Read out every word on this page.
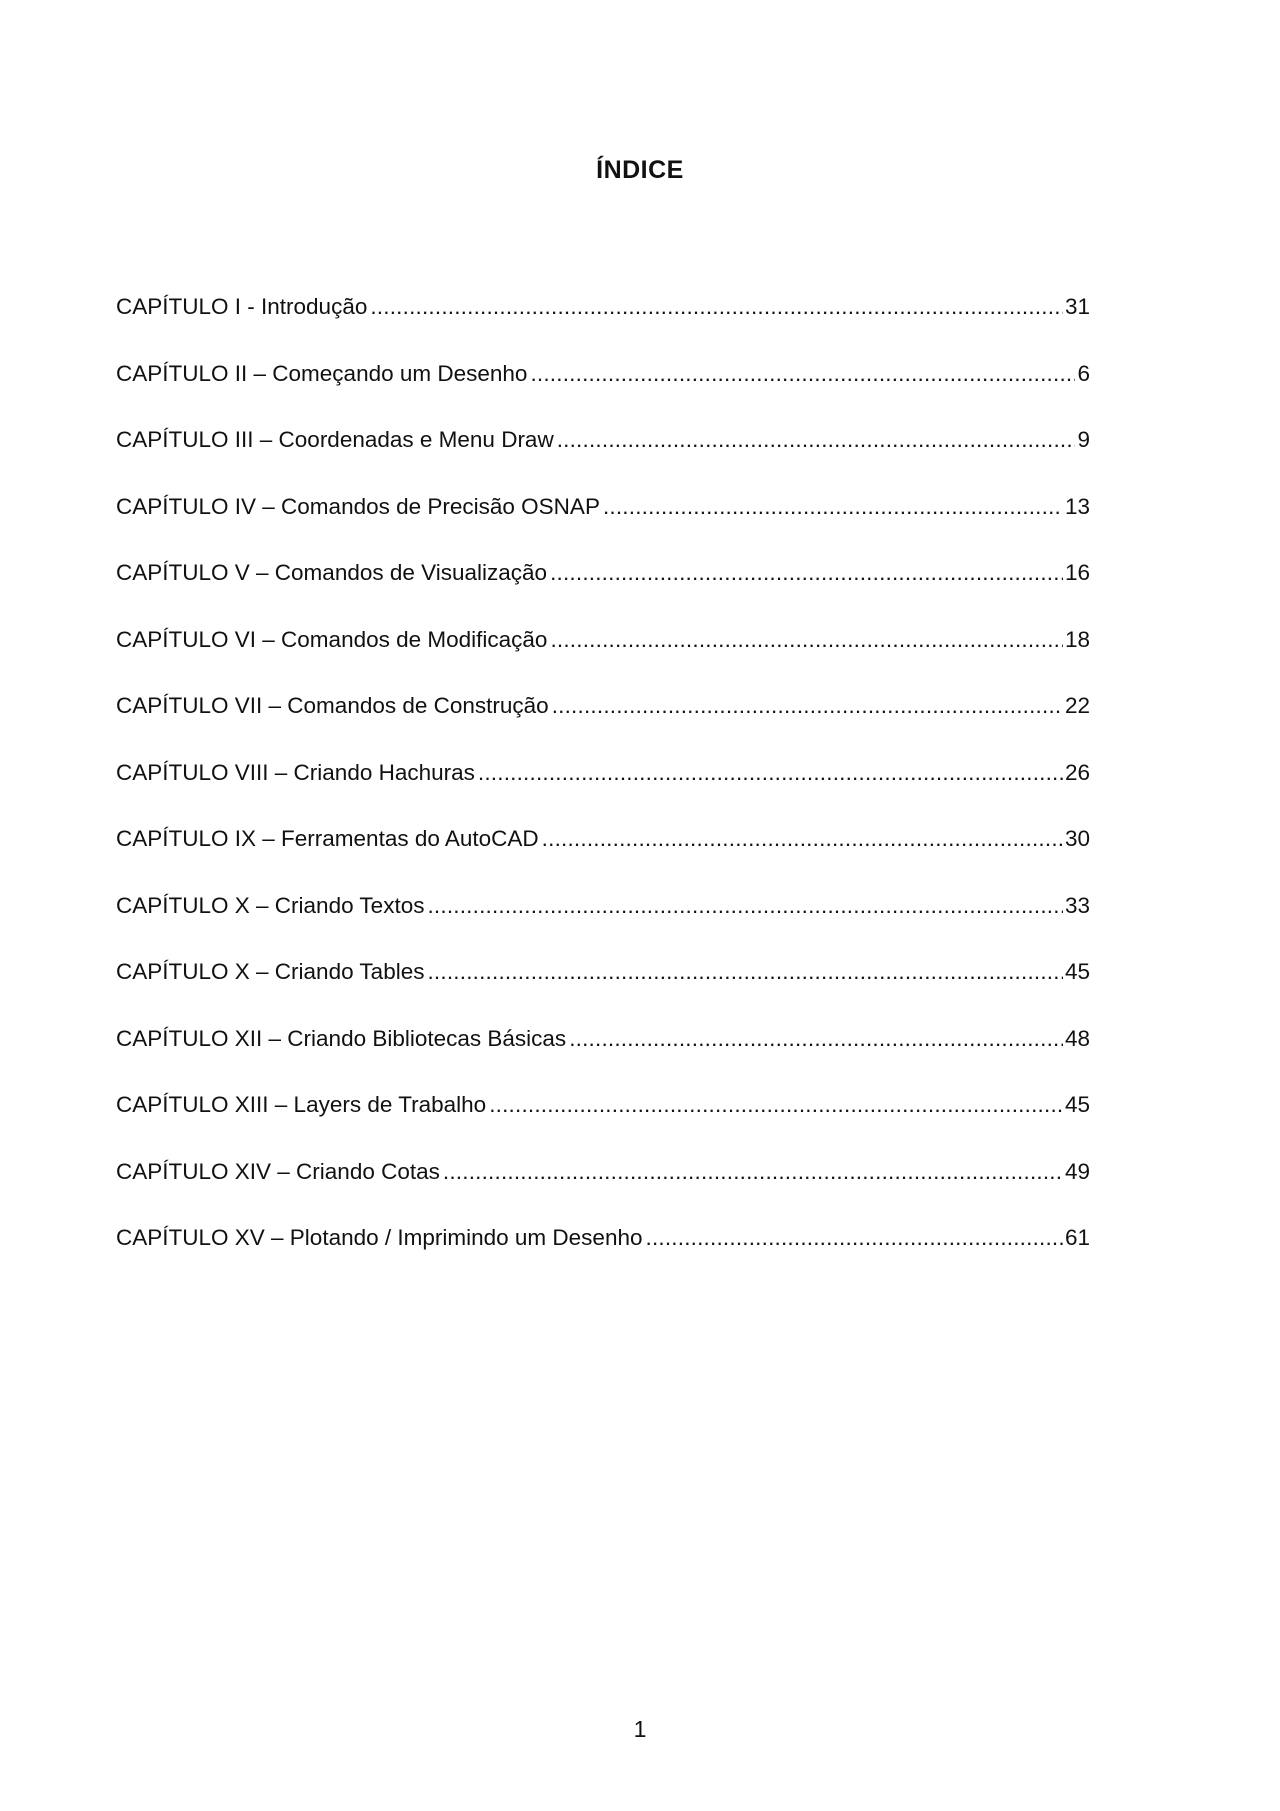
ÍNDICE
CAPÍTULO I - Introdução .....	31
CAPÍTULO II – Começando um Desenho .....	6
CAPÍTULO III – Coordenadas e Menu Draw .....	9
CAPÍTULO IV – Comandos de Precisão OSNAP .....	13
CAPÍTULO V – Comandos de Visualização .....	16
CAPÍTULO VI – Comandos de Modificação .....	18
CAPÍTULO VII – Comandos de Construção .....	22
CAPÍTULO VIII – Criando Hachuras .....	26
CAPÍTULO IX – Ferramentas do AutoCAD .....	30
CAPÍTULO X – Criando Textos .....	33
CAPÍTULO X – Criando Tables .....	45
CAPÍTULO XII – Criando Bibliotecas Básicas .....	48
CAPÍTULO XIII – Layers de Trabalho .....	45
CAPÍTULO XIV – Criando Cotas .....	49
CAPÍTULO XV – Plotando / Imprimindo um Desenho .....	61
1
